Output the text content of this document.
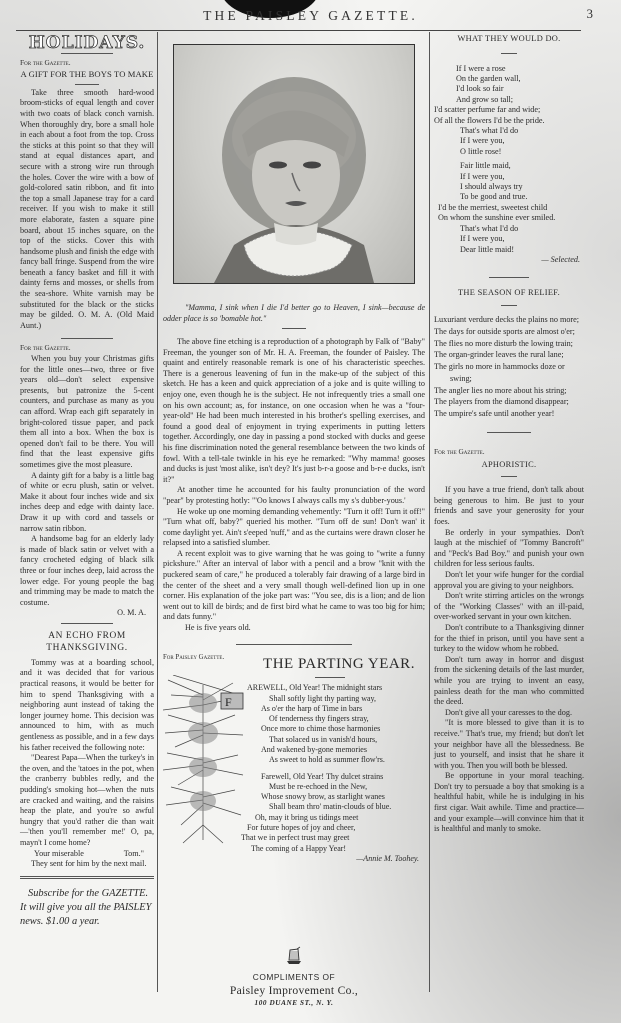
THE PAISLEY GAZETTE.	3
HOLIDAYS.

For the Gazette.

A GIFT FOR THE BOYS TO MAKE

Take three smooth hard-wood broom-sticks of equal length and cover with two coats of black conch varnish. When thoroughly dry, bore a small hole in each about a foot from the top. Cross the sticks at this point so that they will stand at equal distances apart, and secure with a strong wire run through the holes. Cover the wire with a bow of gold-colored satin ribbon, and fit into the top a small Japanese tray for a card receiver. If you wish to make it still more elaborate, fasten a square pine board, about 15 inches square, on the top of the sticks. Cover this with handsome plush and finish the edge with fancy ball fringe. Suspend from the wire beneath a fancy basket and fill it with dainty ferns and mosses, or shells from the sea-shore. White varnish may be substituted for the black or the sticks may be gilded. O. M. A. (Old Maid Aunt.)

For the Gazette.

When you buy your Christmas gifts for the little ones—two, three or five years old—don't select expensive presents, but patronize the 5-cent counters, and purchase as many as you can afford. Wrap each gift separately in bright-colored tissue paper, and pack them all into a box. When the box is opened don't fail to be there. You will find that the least expensive gifts sometimes give the most pleasure.

A dainty gift for a baby is a little bag of white or ecru plush, satin or velvet. Make it about four inches wide and six inches deep and edge with dainty lace. Draw it up with cord and tassels or narrow satin ribbon.

A handsome bag for an elderly lady is made of black satin or velvet with a fancy crocheted edging of black silk three or four inches deep, laid across the lower edge. For young people the bag and trimming may be made to match the costume.

O. M. A.
AN ECHO FROM THANKSGIVING.

Tommy was at a boarding school, and it was decided that for various practical reasons, it would be better for him to spend Thanksgiving with a neighboring aunt instead of taking the longer journey home. This decision was announced to him, with as much gentleness as possible, and in a few days his father received the following note:

"Dearest Papa—When the turkey's in the oven, and the 'tatoes in the pot, when the cranberry bubbles redly, and the pudding's smoking hot—when the nuts are cracked and waiting, and the raisins heap the plate, and you're so awful hungry that you'd rather die than wait—'then you'll remember me!' O, pa, mayn't I come home?

Your miserable	Tom."

They sent for him by the next mail.

Subscribe for the GAZETTE.
It will give you all the PAISLEY news. $1.00 a year.
"Mamma, I sink when I die I'd better go to Heaven, I sink—because de odder place is so 'bomable hot."

The above fine etching is a reproduction of a photograph by Falk of "Baby" Freeman, the younger son of Mr. H. A. Freeman, the founder of Paisley. The quaint and entirely reasonable remark is one of his characteristic speeches. There is a generous leavening of fun in the make-up of the subject of this sketch. He has a keen and quick appreciation of a joke and is quite willing to enjoy one, even though he is the subject. He not infrequently tries a small one on his own account; as, for instance, on one occasion when he was a "four-year-old" He had been much interested in his brother's spelling exercises, and found a good deal of enjoyment in trying experiments in putting letters together. Accordingly, one day in passing a pond stocked with ducks and geese his fine discrimination noted the general resemblance between the two kinds of fowl. With a tell-tale twinkle in his eye he remarked: "Why mamma! gooses and ducks is just 'most alike, isn't dey? It's just b-r-a goose and b-r-e ducks, isn't it?"

At another time he accounted for his faulty pronunciation of the word "pear" by protesting hotly: "'Oo knows I always calls my s's dubber-yous.'

He woke up one morning demanding vehemently: "Turn it off! Turn it off!" "Turn what off, baby?" queried his mother. "Turn off de sun! Don't wan' it come daylight yet. Ain't s'eeped 'nuff," and as the curtains were drawn closer he relapsed into a satisfied slumber.

A recent exploit was to give warning that he was going to "write a funny pickshure." After an interval of labor with a pencil and a brow "knit with the puckered seam of care," he produced a tolerably fair drawing of a large bird in the center of the sheet and a very small though well-defined lion up in one corner. His explanation of the joke part was: "You see, dis is a lion; and de lion went out to kill de birds; and de first bird what he came to was too big for him; and dats funny."

He is five years old.

For Paisley Gazette.	THE PARTING YEAR.
F
AREWELL, Old Year! The midnight stars
Shall softly light thy parting way,
As o'er the harp of Time in bars
Of tenderness thy fingers stray,
Once more to chime those harmonies
That solaced us in vanish'd hours,
And wakened by-gone memories
As sweet to hold as summer flow'rs.
Farewell, Old Year! Thy dulcet strains
Must be re-echoed in the New,
Whose snowy brow, as starlight wanes
Shall beam thro' matin-clouds of blue.
Oh, may it bring us tidings meet
For future hopes of joy and cheer,
That we in perfect trust may greet
The coming of a Happy Year!
—Annie M. Toohey.
COMPLIMENTS OF
Paisley Improvement Co.,
100 DUANE ST., N. Y.
WHAT THEY WOULD DO.
If I were a rose
On the garden wall,
I'd look so fair
And grow so tall;
I'd scatter perfume far and wide;
Of all the flowers I'd be the pride.
That's what I'd do
If I were you,
O little rose!
Fair little maid,
If I were you,
I should always try
To be good and true.
I'd be the merriest, sweetest child
On whom the sunshine ever smiled.
That's what I'd do
If I were you,
Dear little maid!
— Selected.
THE SEASON OF RELIEF.
Luxuriant verdure decks the plains no more;
The days for outside sports are almost o'er;
The flies no more disturb the lowing train;
The organ-grinder leaves the rural lane;
The girls no more in hammocks doze or swing;
The angler lies no more about his string;
The players from the diamond disappear;
The umpire's safe until another year!

For the Gazette.

APHORISTIC.

If you have a true friend, don't talk about being generous to him. Be just to your friends and save your generosity for your foes.

Be orderly in your sympathies. Don't laugh at the mischief of "Tommy Bancroft" and "Peck's Bad Boy." and punish your own children for less serious faults.

Don't let your wife hunger for the cordial approval you are giving to your neighbors.

Don't write stirring articles on the wrongs of the "Working Classes" with an ill-paid, over-worked servant in your own kitchen.

Don't contribute to a Thanksgiving dinner for the thief in prison, until you have sent a turkey to the widow whom he robbed.

Don't turn away in horror and disgust from the sickening details of the last murder, while you are trying to invent an easy, painless death for the man who committed the deed.

Don't give all your caresses to the dog.

"It is more blessed to give than it is to receive." That's true, my friend; but don't let your neighbor have all the blessedness. Be just to yourself, and insist that he share it with you. Then you will both be blessed.

Be opportune in your moral teaching. Don't try to persuade a boy that smoking is a healthful habit, while he is indulging in his first cigar. Wait awhile. Time and practice—and your example—will convince him that it is healthful and manly to smoke.
